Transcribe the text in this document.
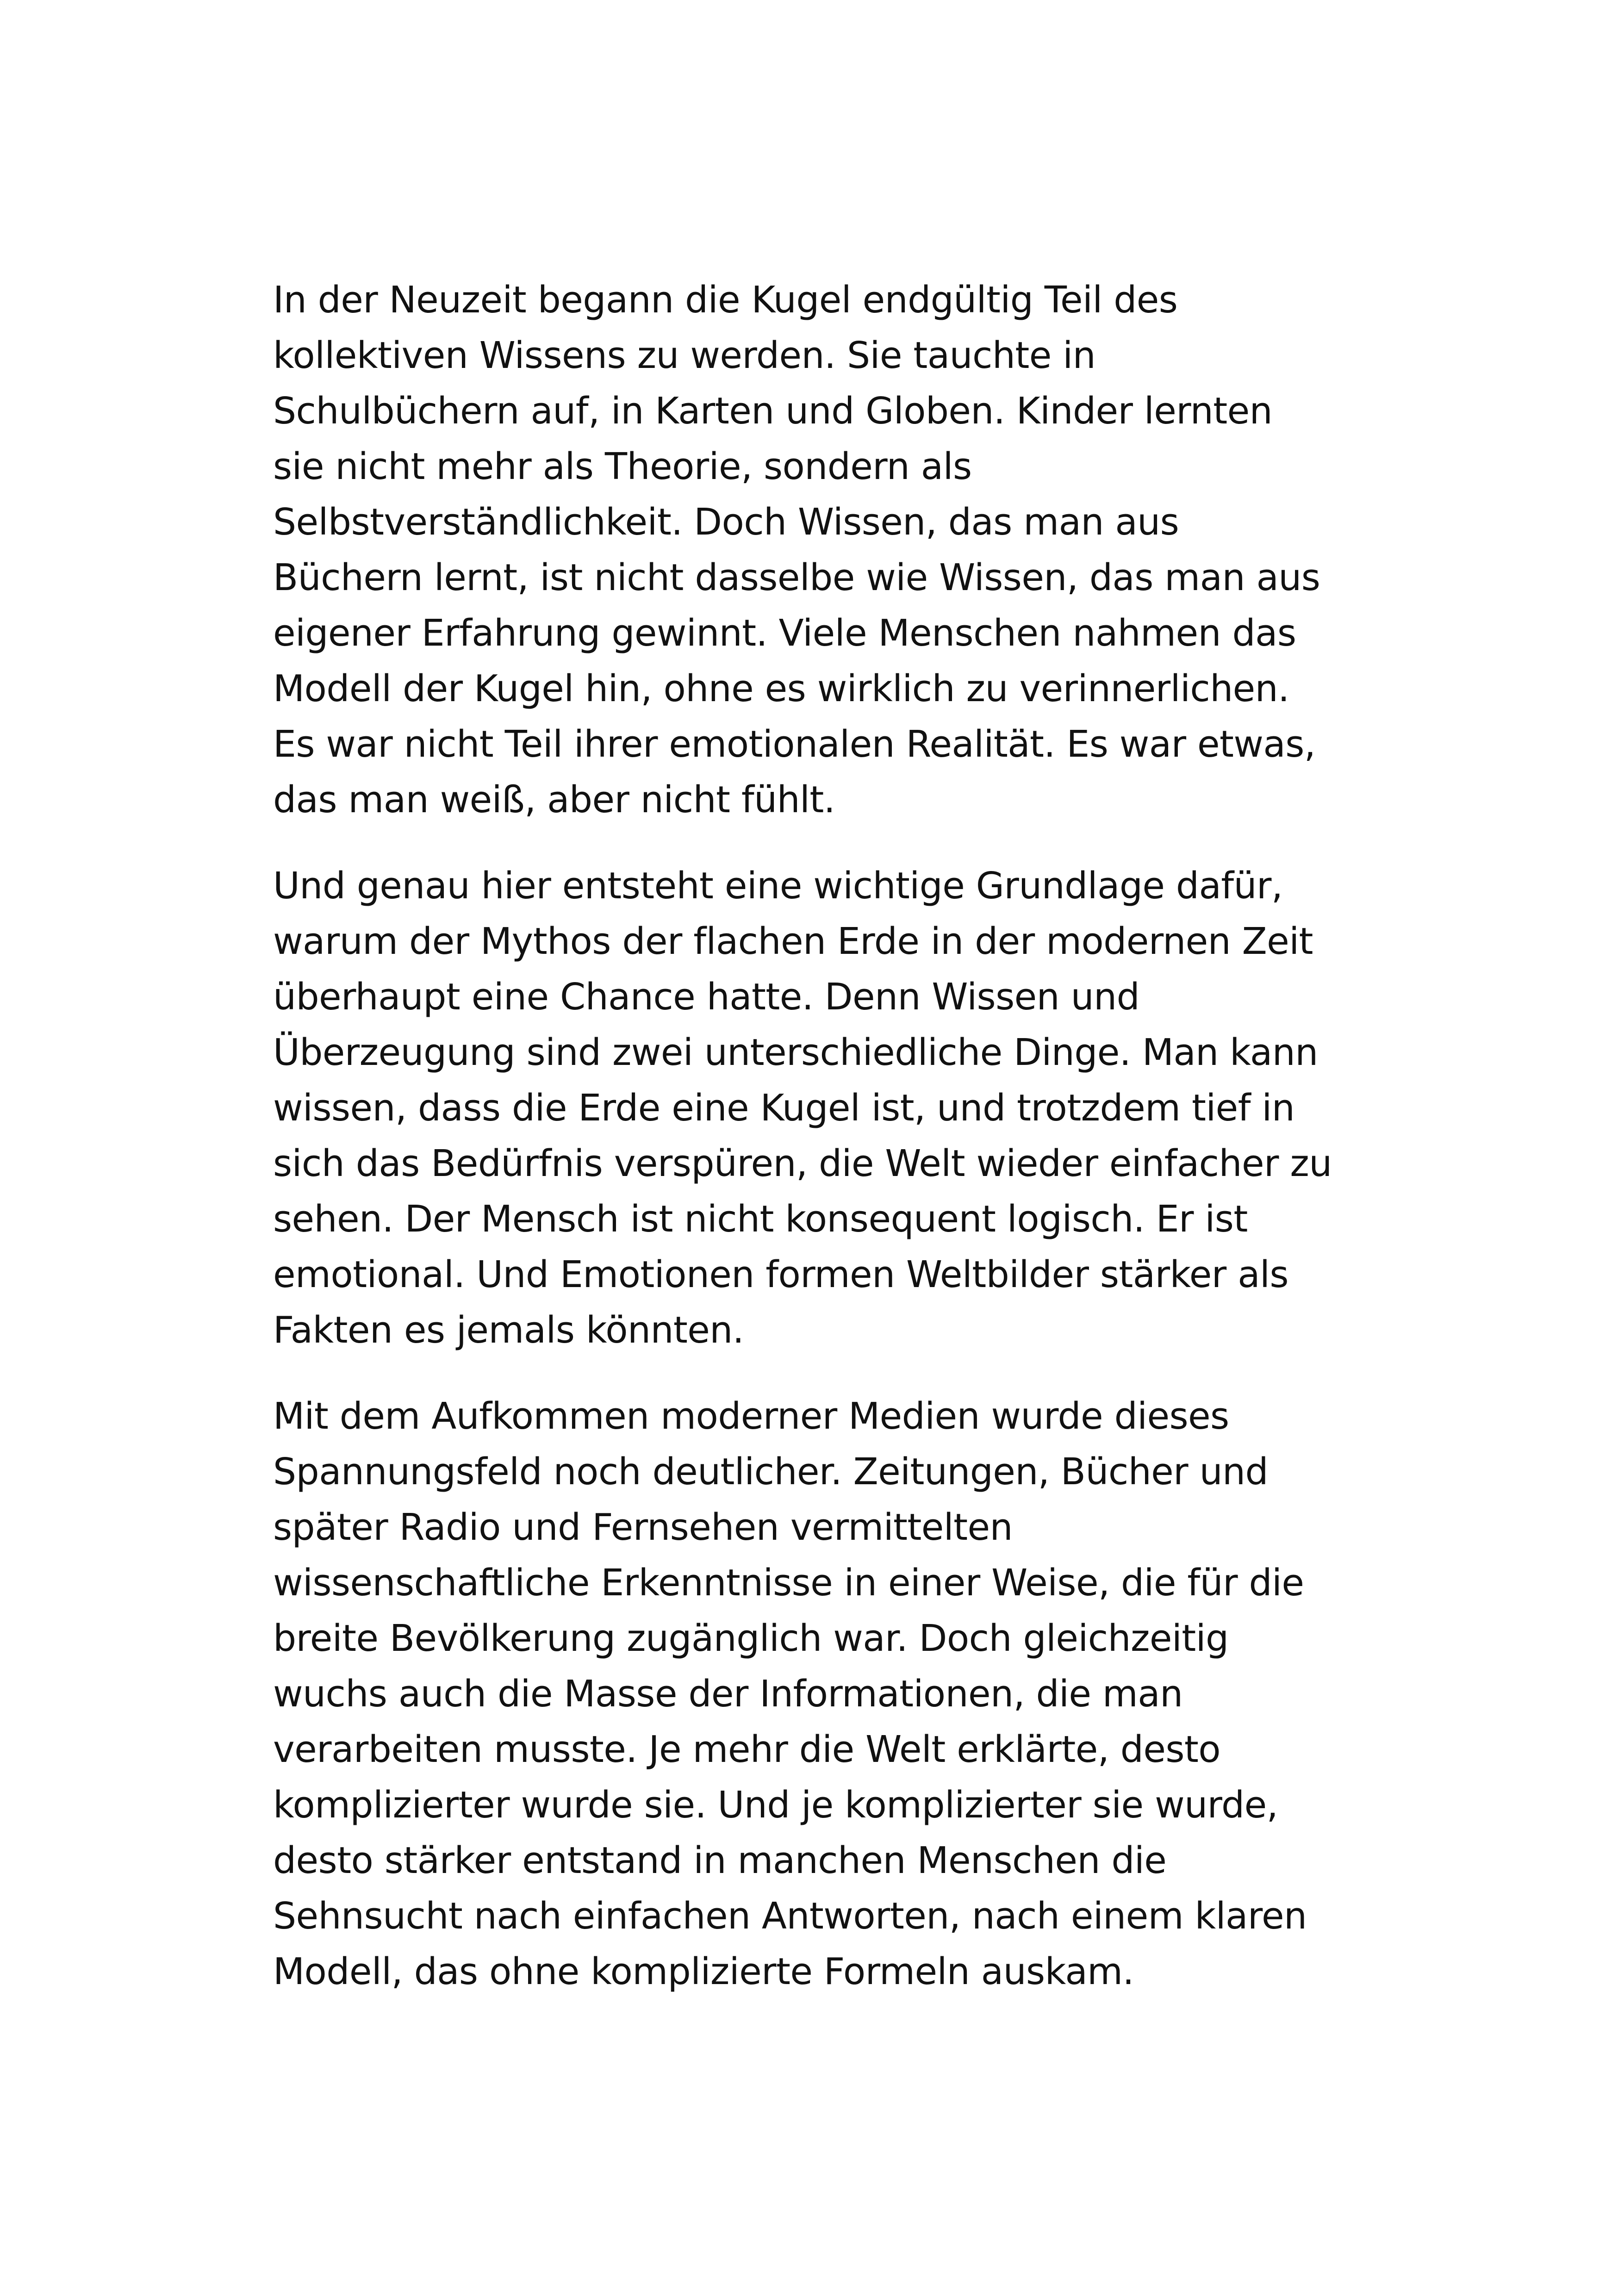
In der Neuzeit begann die Kugel endgültig Teil des
kollektiven Wissens zu werden. Sie tauchte in
Schulbüchern auf, in Karten und Globen. Kinder lernten
sie nicht mehr als Theorie, sondern als
Selbstverständlichkeit. Doch Wissen, das man aus
Büchern lernt, ist nicht dasselbe wie Wissen, das man aus
eigener Erfahrung gewinnt. Viele Menschen nahmen das
Modell der Kugel hin, ohne es wirklich zu verinnerlichen.
Es war nicht Teil ihrer emotionalen Realität. Es war etwas,
das man weiß, aber nicht fühlt.

Und genau hier entsteht eine wichtige Grundlage dafür,
warum der Mythos der flachen Erde in der modernen Zeit
überhaupt eine Chance hatte. Denn Wissen und
Überzeugung sind zwei unterschiedliche Dinge. Man kann
wissen, dass die Erde eine Kugel ist, und trotzdem tief in
sich das Bedürfnis verspüren, die Welt wieder einfacher zu
sehen. Der Mensch ist nicht konsequent logisch. Er ist
emotional. Und Emotionen formen Weltbilder stärker als
Fakten es jemals könnten.

Mit dem Aufkommen moderner Medien wurde dieses
Spannungsfeld noch deutlicher. Zeitungen, Bücher und
später Radio und Fernsehen vermittelten
wissenschaftliche Erkenntnisse in einer Weise, die für die
breite Bevölkerung zugänglich war. Doch gleichzeitig
wuchs auch die Masse der Informationen, die man
verarbeiten musste. Je mehr die Welt erklärte, desto
komplizierter wurde sie. Und je komplizierter sie wurde,
desto stärker entstand in manchen Menschen die
Sehnsucht nach einfachen Antworten, nach einem klaren
Modell, das ohne komplizierte Formeln auskam.
